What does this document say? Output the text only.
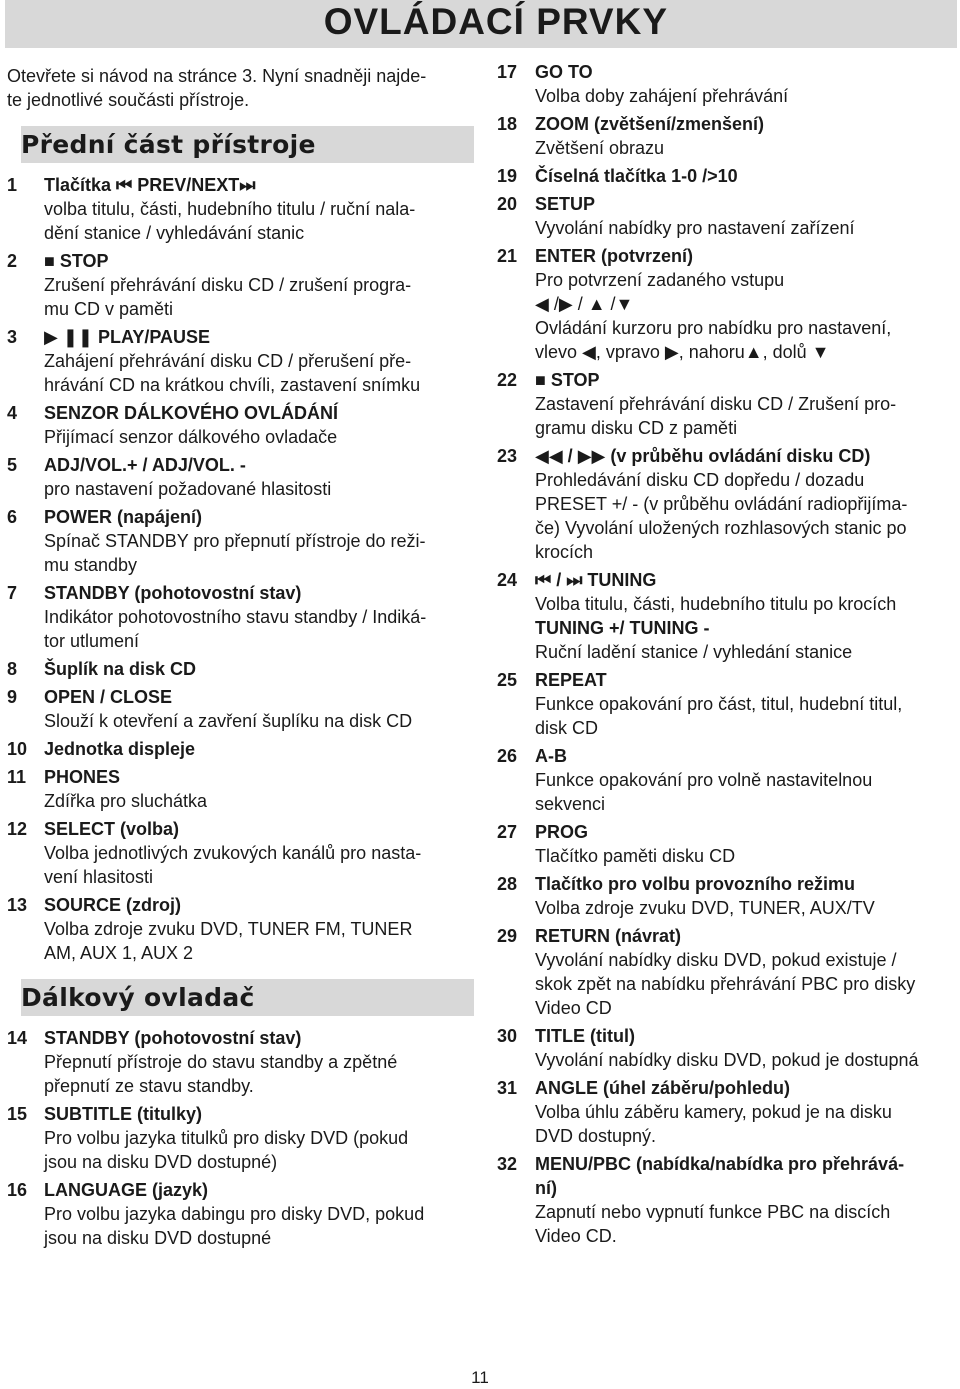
OVLÁDACÍ PRVKY
Otevřete si návod na stránce 3. Nyní snadněji najde-
te jednotlivé součásti přístroje.
Přední část přístroje
1	Tlačítka ⏮ PREV/NEXT⏭
volba titulu, části, hudebního titulu / ruční nala-
dění stanice / vyhledávání stanic
2	■ STOP
Zrušení přehrávání disku CD / zrušení progra-
mu CD v paměti
3	▶ ❚❚ PLAY/PAUSE
Zahájení přehrávání disku CD / přerušení pře-
hrávání CD na krátkou chvíli, zastavení snímku
4	SENZOR DÁLKOVÉHO OVLÁDÁNÍ
Přijímací senzor dálkového ovladače
5	ADJ/VOL.+ / ADJ/VOL. -
pro nastavení požadované hlasitosti
6	POWER (napájení)
Spínač STANDBY pro přepnutí přístroje do reži-
mu standby
7	STANDBY (pohotovostní stav)
Indikátor pohotovostního stavu standby / Indiká-
tor utlumení
8	Šuplík na disk CD
9	OPEN / CLOSE
Slouží k otevření a zavření šuplíku na disk CD
10 Jednotka displeje
11 PHONES
Zdířka pro sluchátka
12 SELECT (volba)
Volba jednotlivých zvukových kanálů pro nasta-
vení hlasitosti
13 SOURCE (zdroj)
Volba zdroje zvuku DVD, TUNER FM, TUNER
AM, AUX 1, AUX 2
Dálkový ovladač
14 STANDBY (pohotovostní stav)
Přepnutí přístroje do stavu standby a zpětné
přepnutí ze stavu standby.
15 SUBTITLE (titulky)
Pro volbu jazyka titulků pro disky DVD (pokud
jsou na disku DVD dostupné)
16 LANGUAGE (jazyk)
Pro volbu jazyka dabingu pro disky DVD, pokud
jsou na disku DVD dostupné
17 GO TO
Volba doby zahájení přehrávání
18 ZOOM (zvětšení/zmenšení)
Zvětšení obrazu
19 Číselná tlačítka 1-0 />10
20 SETUP
Vyvolání nabídky pro nastavení zařízení
21 ENTER (potvrzení)
Pro potvrzení zadaného vstupu
◀ /▶ / ▲ /▼
Ovládání kurzoru pro nabídku pro nastavení,
vlevo ◀, vpravo ▶, nahoru▲, dolů ▼
22 ■ STOP
Zastavení přehrávání disku CD / Zrušení pro-
gramu disku CD z paměti
23 ◀◀ / ▶▶ (v průběhu ovládání disku CD)
Prohledávání disku CD dopředu / dozadu
PRESET +/ - (v průběhu ovládání radiopřijíma-
če) Vyvolání uložených rozhlasových stanic po
krocích
24 ⏮ / ⏭ TUNING
Volba titulu, části, hudebního titulu po krocích
TUNING +/ TUNING -
Ruční ladění stanice / vyhledání stanice
25 REPEAT
Funkce opakování pro část, titul, hudební titul,
disk CD
26 A-B
Funkce opakování pro volně nastavitelnou
sekvenci
27 PROG
Tlačítko paměti disku CD
28 Tlačítko pro volbu provozního režimu
Volba zdroje zvuku DVD, TUNER, AUX/TV
29 RETURN (návrat)
Vyvolání nabídky disku DVD, pokud existuje /
skok zpět na nabídku přehrávání PBC pro disky
Video CD
30 TITLE (titul)
Vyvolání nabídky disku DVD, pokud je dostupná
31 ANGLE (úhel záběru/pohledu)
Volba úhlu záběru kamery, pokud je na disku
DVD dostupný.
32 MENU/PBC (nabídka/nabídka pro přehrává-
ní)
Zapnutí nebo vypnutí funkce PBC na discích
Video CD.
11
